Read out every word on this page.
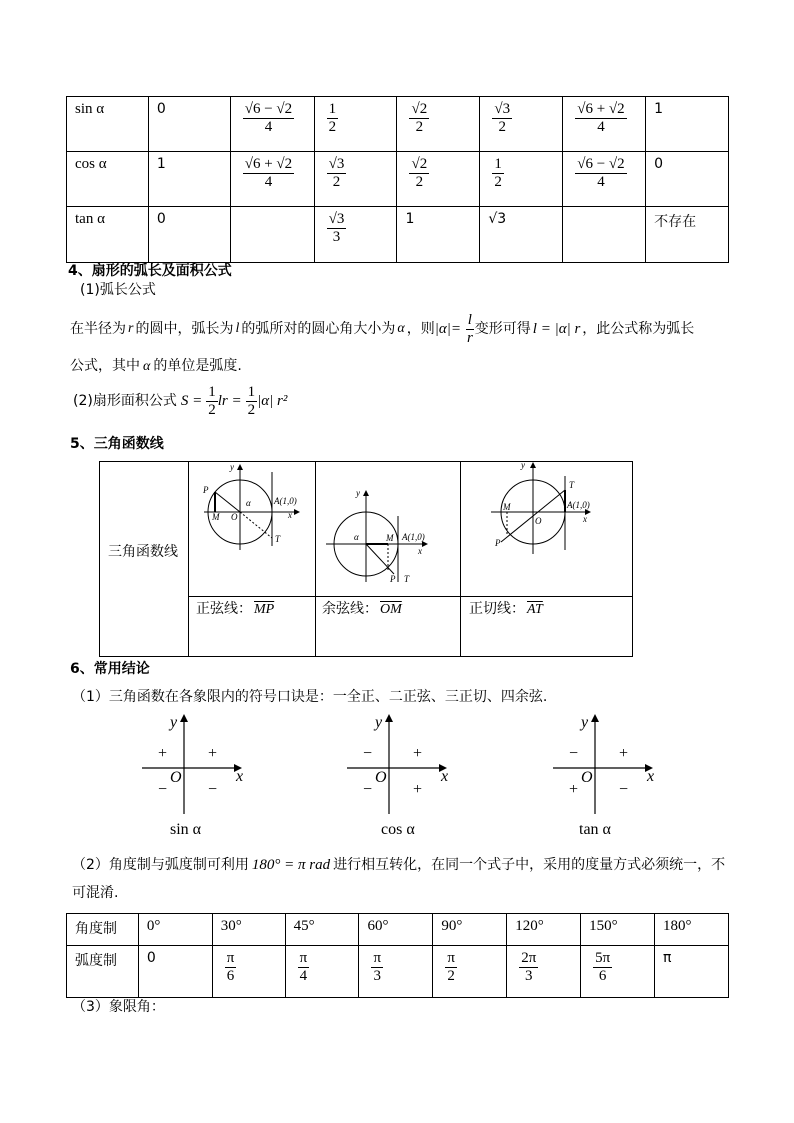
sin α	0	$\frac{√6 - √2}{4}$	$\frac{1}{2}$	$\frac{√2}{2}$	$\frac{√3}{2}$	$\frac{√6 + √2}{4}$	1
cos α	1	$\frac{√6 + √2}{4}$	$\frac{√3}{2}$	$\frac{√2}{2}$	$\frac{1}{2}$	$\frac{√6 - √2}{4}$	0
tan α	0		$\frac{√3}{3}$	1	√3		不存在
4、扇形的弧长及面积公式
(1)弧长公式
在半径为 r 的圆中，弧长为 l 的弧所对的圆心角大小为 α ，则 $|\alpha|= \frac{l}{r}$ 变形可得 l = |α| r ，此公式称为弧长
公式，其中 α 的单位是弧度.
(2)扇形面积公式 $S = \frac{1}{2}$ lr = $\frac{1}{2} |\alpha|$ r²
5、三角函数线
三角函数线
P
M O
α	A(1,0)
x
y
T
y
α	M A(1,0)
x
P T
y
T
M
O
A(1,0)
x
P
正弦线： $\overline{MP}$	余弦线： $\overline{OM}$	正切线： $\overline{AT}$
6、常用结论
（1）三角函数在各象限内的符号口诀是：一全正、二正弦、三正切、四余弦.
y
x
O
+
+
−	−
sin α
y
x
O
+
−
−	+
cos α
y
x
O
+
−
+	−
tan α
（2）角度制与弧度制可利用 180° = π rad 进行相互转化，在同一个式子中，采用的度量方式必须统一，不
可混淆.
角度制	0°	30°	45°	60°	90°	120°	150°	180°
弧度制	0	$\frac{\pi}{6}$	$\frac{\pi}{4}$	$\frac{\pi}{3}$	$\frac{\pi}{2}$	$\frac{2\pi}{3}$	$\frac{5\pi}{6}$	π
（3）象限角：
